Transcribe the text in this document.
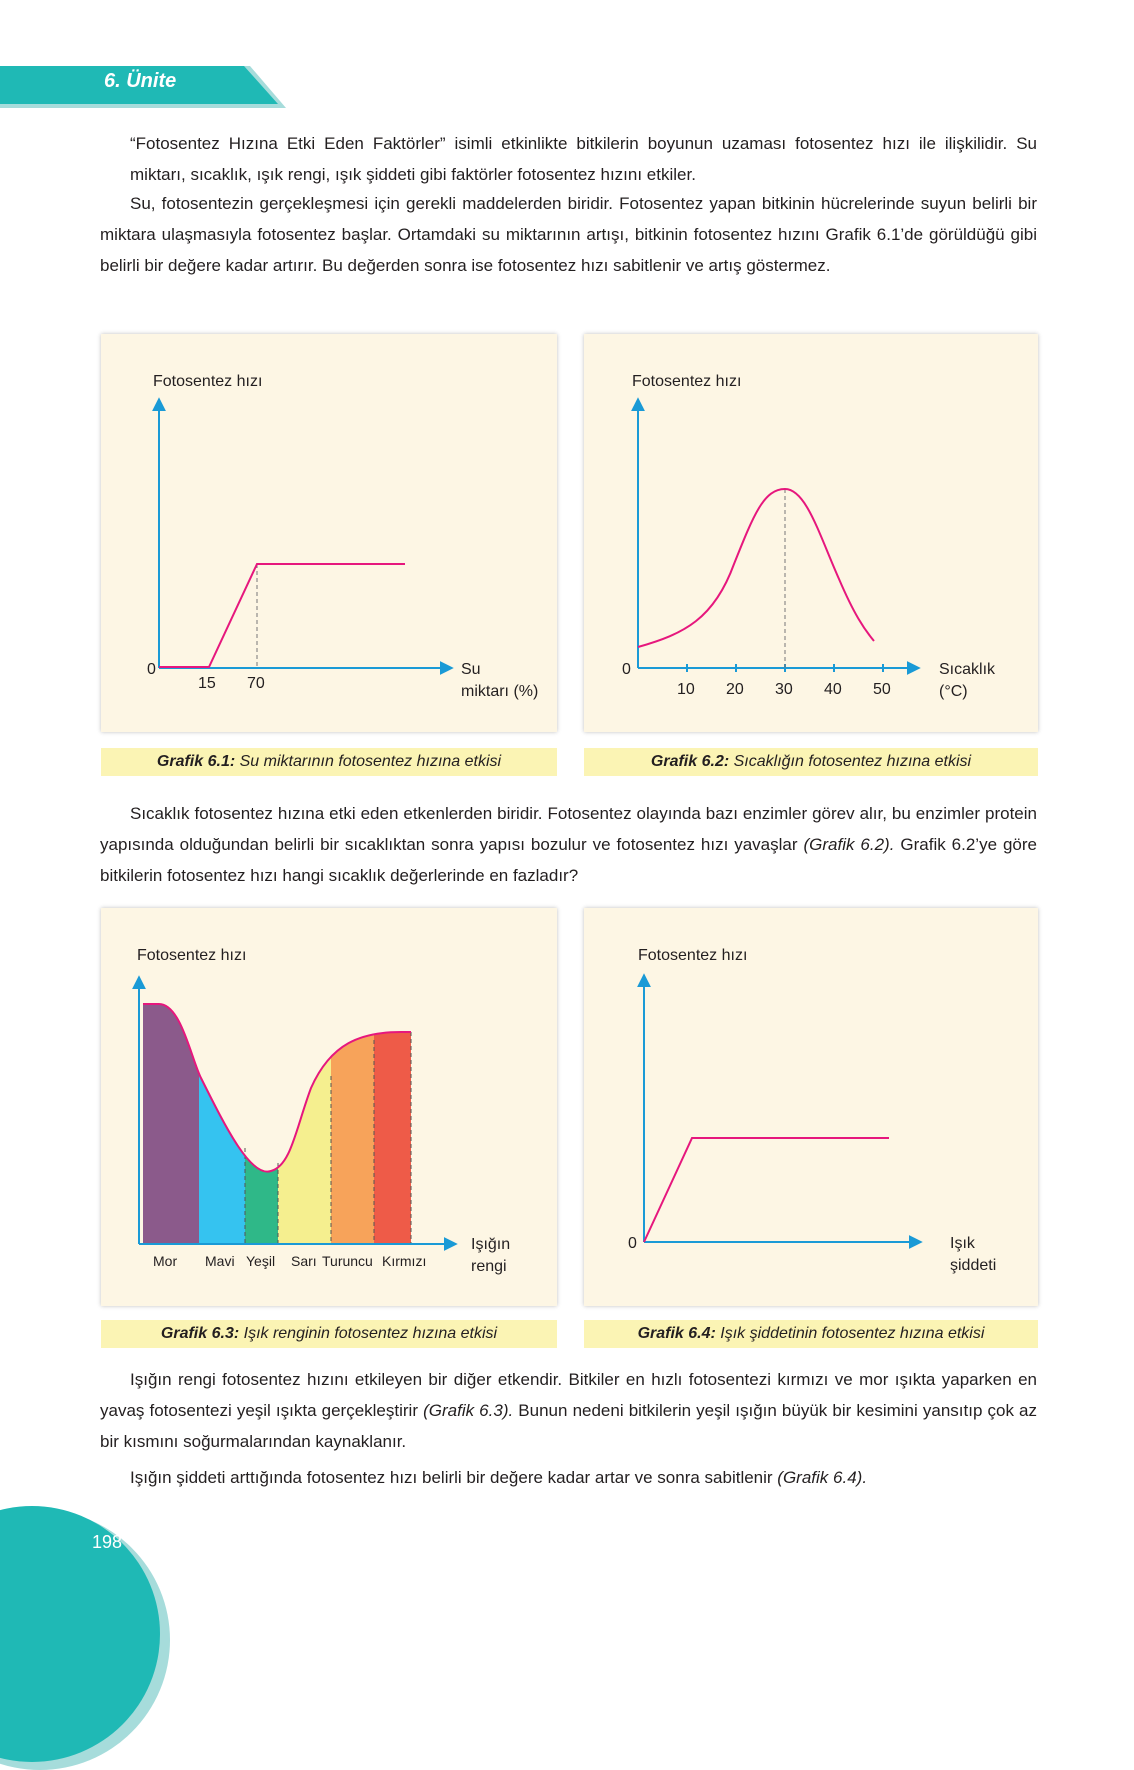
6. Ünite

“Fotosentez Hızına Etki Eden Faktörler” isimli etkinlikte bitkilerin boyunun uzaması fotosentez hızı ile ilişkilidir. Su miktarı, sıcaklık, ışık rengi, ışık şiddeti gibi faktörler fotosentez hızını etkiler.

Su, fotosentezin gerçekleşmesi için gerekli maddelerden biridir. Fotosentez yapan bitkinin hücrelerinde suyun belirli bir miktara ulaşmasıyla fotosentez başlar. Ortamdaki su miktarının artışı, bitkinin fotosentez hızını Grafik 6.1’de görüldüğü gibi belirli bir değere kadar artırır. Bu değerden sonra ise fotosentez hızı sabitlenir ve artış göstermez.

Fotosentez hızı
0
15 70
Su
miktarı (%)
Grafik 6.1: Su miktarının fotosentez hızına etkisi
Fotosentez hızı
0
10 20 30 40 50
Sıcaklık
(°C)
Grafik 6.2: Sıcaklığın fotosentez hızına etkisi

Sıcaklık fotosentez hızına etki eden etkenlerden biridir. Fotosentez olayında bazı enzimler görev alır, bu enzimler protein yapısında olduğundan belirli bir sıcaklıktan sonra yapısı bozulur ve fotosentez hızı yavaşlar (Grafik 6.2). Grafik 6.2’ye göre bitkilerin fotosentez hızı hangi sıcaklık değerlerinde en fazladır?

Fotosentez hızı
Mor Mavi Yeşil Sarı Turuncu Kırmızı
Işığın
rengi
Grafik 6.3: Işık renginin fotosentez hızına etkisi
Fotosentez hızı
0	Işık
şiddeti
Grafik 6.4: Işık şiddetinin fotosentez hızına etkisi

Işığın rengi fotosentez hızını etkileyen bir diğer etkendir. Bitkiler en hızlı fotosentezi kırmızı ve mor ışıkta yaparken en yavaş fotosentezi yeşil ışıkta gerçekleştirir (Grafik 6.3). Bunun nedeni bitkilerin yeşil ışığın büyük bir kesimini yansıtıp çok az bir kısmını soğurmalarından kaynaklanır.

Işığın şiddeti arttığında fotosentez hızı belirli bir değere kadar artar ve sonra sabitlenir (Grafik 6.4).

198
